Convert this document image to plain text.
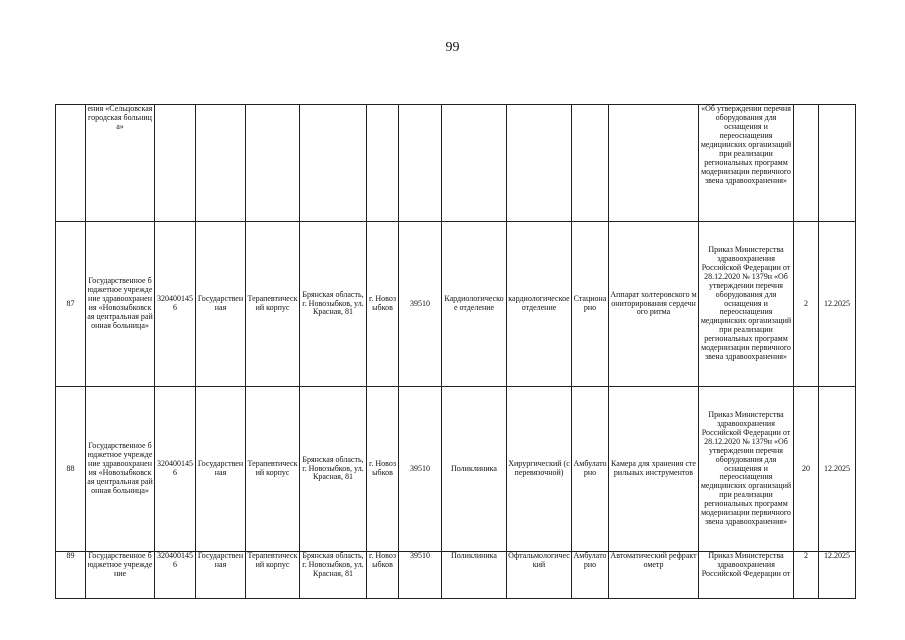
99
	ения «Сельцовская городская больница»											«Об утверждении перечня оборудования для оснащения и переоснащения медицинских организаций при реализации региональных программ модернизации первичного звена здравоохранения»		
87	Государственное бюджетное учреждение здравоохранения «Новозыбковская центральная районная больница»	3204001456	Государственная	Терапевтический корпус	Брянская область, г. Новозыбков, ул. Красная, 81	г. Новозыбков	39510	Кардиологическое отделение	кардиологическое отделение	Стационарно	Аппарат холтеровского мониторирования сердечного ритма	Приказ Министерства здравоохранения Российской Федерации от 28.12.2020 № 1379н «Об утверждении перечня оборудования для оснащения и переоснащения медицинских организаций при реализации региональных программ модернизации первичного звена здравоохранения»	2	12.2025
88	Государственное бюджетное учреждение здравоохранения «Новозыбковская центральная районная больница»	3204001456	Государственная	Терапевтический корпус	Брянская область, г. Новозыбков, ул. Красная, 81	г. Новозыбков	39510	Поликлиника	Хирургический (с перевязочной)	Амбулаторно	Камера для хранения стерильных инструментов	Приказ Министерства здравоохранения Российской Федерации от 28.12.2020 № 1379н «Об утверждении перечня оборудования для оснащения и переоснащения медицинских организаций при реализации региональных программ модернизации первичного звена здравоохранения»	20	12.2025
89	Государственное бюджетное учреждение	3204001456	Государственная	Терапевтический корпус	Брянская область, г. Новозыбков, ул.Красная, 81	г. Новозыбков	39510	Поликлиника	Офтальмологический	Амбулаторно	Автоматический рефрактометр	Приказ Министерства здравоохранения Российской Федерации от	2	12.2025
